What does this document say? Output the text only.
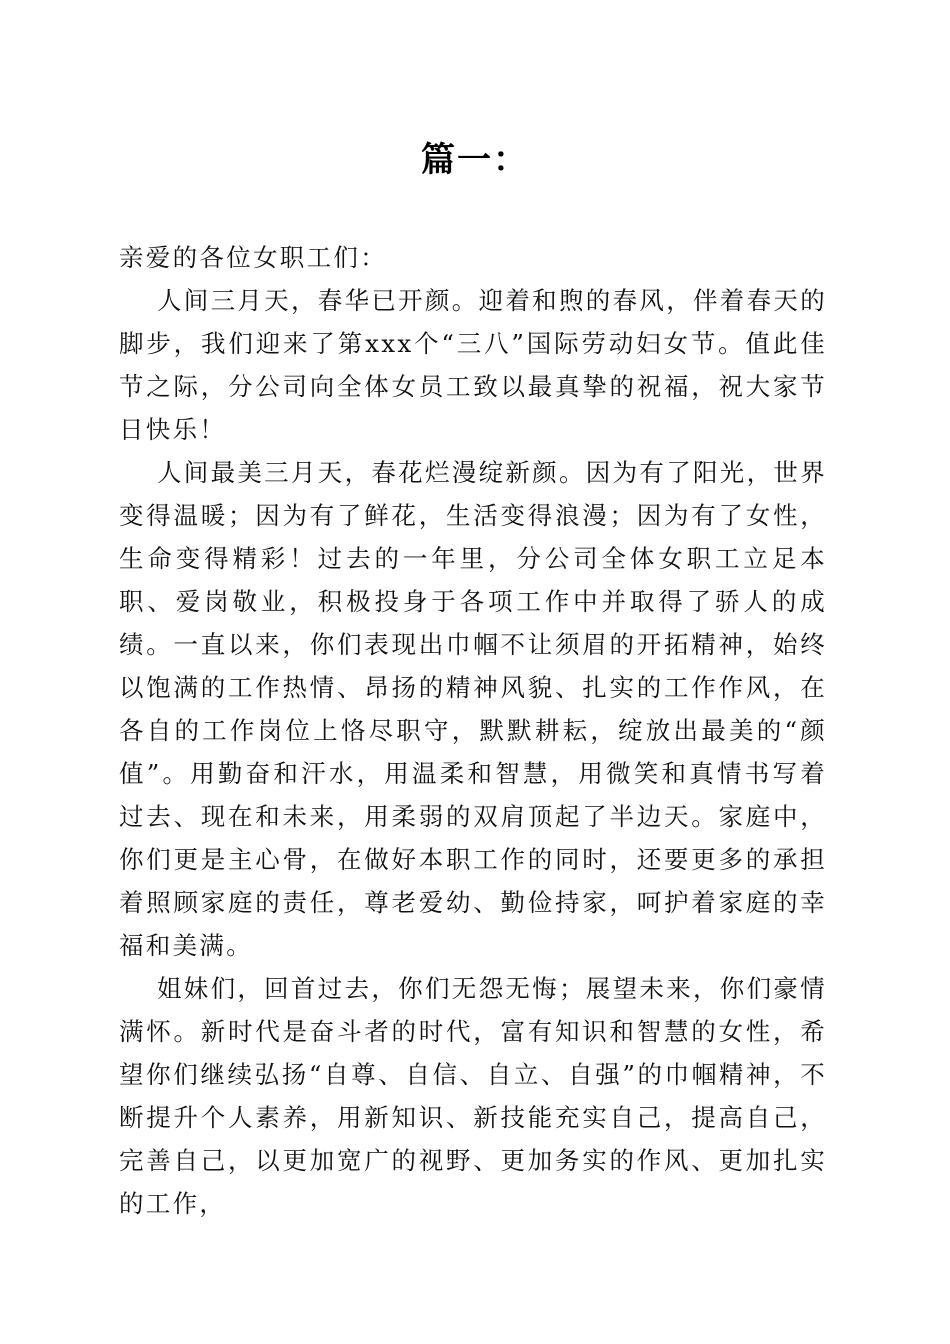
篇一：

亲爱的各位女职工们：

人间三月天，春华已开颜。迎着和煦的春风，伴着春天的脚步，我们迎来了第xxx个“三八”国际劳动妇女节。值此佳节之际，分公司向全体女员工致以最真挚的祝福，祝大家节日快乐！

人间最美三月天，春花烂漫绽新颜。因为有了阳光，世界变得温暖；因为有了鲜花，生活变得浪漫；因为有了女性，生命变得精彩！过去的一年里，分公司全体女职工立足本职、爱岗敬业，积极投身于各项工作中并取得了骄人的成绩。一直以来，你们表现出巾帼不让须眉的开拓精神，始终以饱满的工作热情、昂扬的精神风貌、扎实的工作作风，在各自的工作岗位上恪尽职守，默默耕耘，绽放出最美的“颜值”。用勤奋和汗水，用温柔和智慧，用微笑和真情书写着过去、现在和未来，用柔弱的双肩顶起了半边天。家庭中，你们更是主心骨，在做好本职工作的同时，还要更多的承担着照顾家庭的责任，尊老爱幼、勤俭持家，呵护着家庭的幸福和美满。

姐妹们，回首过去，你们无怨无悔；展望未来，你们豪情满怀。新时代是奋斗者的时代，富有知识和智慧的女性，希望你们继续弘扬“自尊、自信、自立、自强”的巾帼精神，不断提升个人素养，用新知识、新技能充实自己，提高自己，完善自己，以更加宽广的视野、更加务实的作风、更加扎实的工作，
